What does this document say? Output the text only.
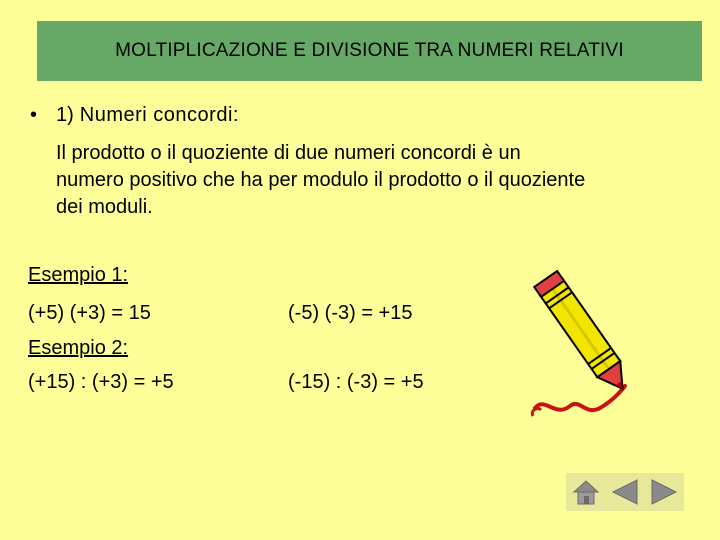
MOLTIPLICAZIONE E DIVISIONE TRA NUMERI RELATIVI
• 1) Numeri concordi:
Il prodotto o il quoziente di due numeri concordi è un
numero positivo che ha per modulo il prodotto o il quoziente
dei moduli.
Esempio 1:
(+5) (+3) = 15	(-5) (-3) = +15
Esempio 2:
(+15) : (+3) = +5	(-15) : (-3) = +5
